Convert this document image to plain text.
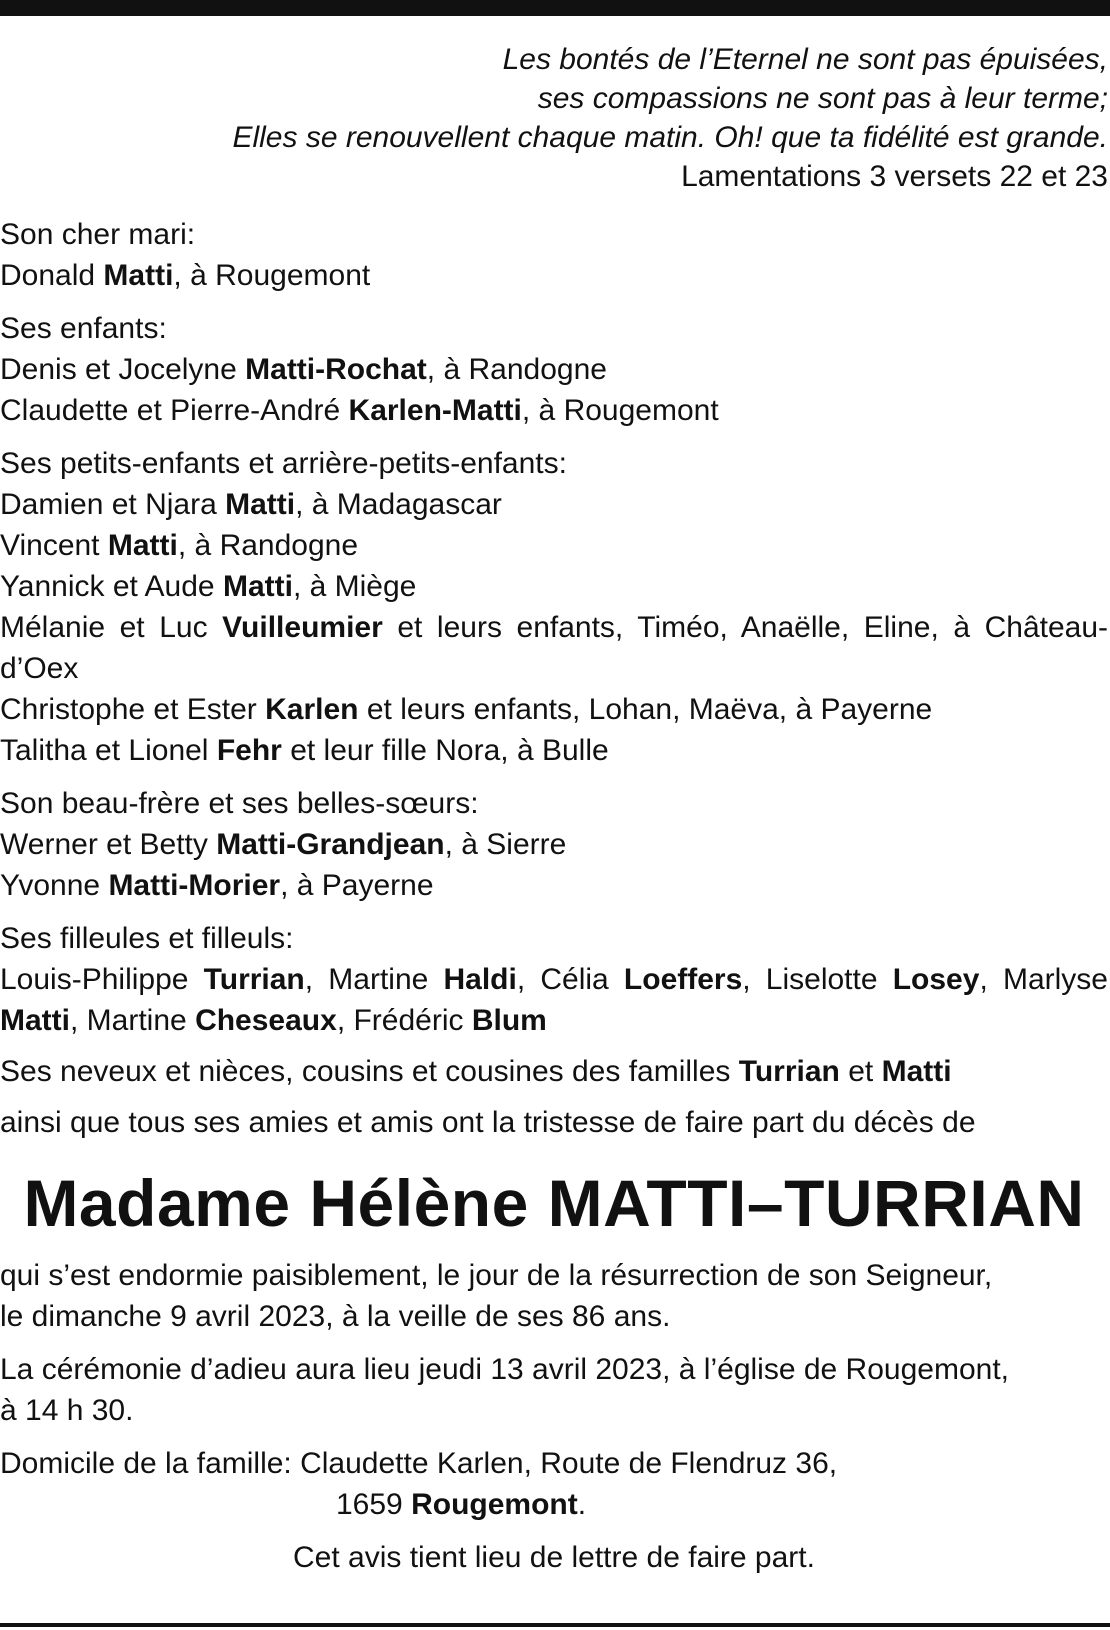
Les bontés de l’Eternel ne sont pas épuisées,
ses compassions ne sont pas à leur terme;
Elles se renouvellent chaque matin. Oh! que ta fidélité est grande.
Lamentations 3 versets 22 et 23
Son cher mari:
Donald Matti, à Rougemont
Ses enfants:
Denis et Jocelyne Matti-Rochat, à Randogne
Claudette et Pierre-André Karlen-Matti, à Rougemont
Ses petits-enfants et arrière-petits-enfants:
Damien et Njara Matti, à Madagascar
Vincent Matti, à Randogne
Yannick et Aude Matti, à Miège
Mélanie et Luc Vuilleumier et leurs enfants, Timéo, Anaëlle, Eline, à Château-d’Oex
Christophe et Ester Karlen et leurs enfants, Lohan, Maëva, à Payerne
Talitha et Lionel Fehr et leur fille Nora, à Bulle
Son beau-frère et ses belles-sœurs:
Werner et Betty Matti-Grandjean, à Sierre
Yvonne Matti-Morier, à Payerne
Ses filleules et filleuls:
Louis-Philippe Turrian, Martine Haldi, Célia Loeffers, Liselotte Losey, Marlyse Matti, Martine Cheseaux, Frédéric Blum
Ses neveux et nièces, cousins et cousines des familles Turrian et Matti
ainsi que tous ses amies et amis ont la tristesse de faire part du décès de
Madame Hélène MATTI–TURRIAN
qui s’est endormie paisiblement, le jour de la résurrection de son Seigneur,
le dimanche 9 avril 2023, à la veille de ses 86 ans.
La cérémonie d’adieu aura lieu jeudi 13 avril 2023, à l’église de Rougemont,
à 14 h 30.
Domicile de la famille: Claudette Karlen, Route de Flendruz 36,
1659 Rougemont.
Cet avis tient lieu de lettre de faire part.
